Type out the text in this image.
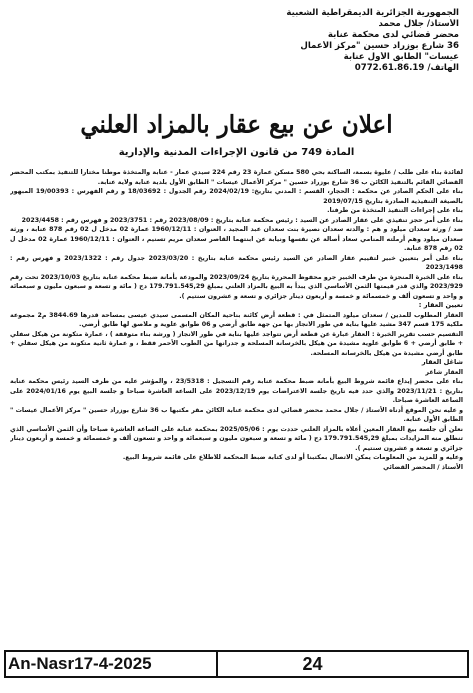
الجمهورية الجزائرية الديمقراطية الشعبية
الأستاذ/ جلال محمد
محضر قضائي لدى محكمة عنابة
36 شارع بوزراد حسين "مركز الأعمال
عيسات" الطابق الأول عنابة
الهاتف/ 0772.61.86.19
اعلان عن بيع عقار بالمزاد العلني
المادة 749 من قانون الإجراءات المدنية والإدارية

لفائدة بناء على طلب / عليوة بسمة، الساكنة بحي 580 مسكن عمارة 23 رقم 224 سيدي عمار - عنابة والمتخذة موطنا مختارا للتنفيذ بمكتب المحضر القضائي القائم بالتنفيذ الكائن ب 36 شارع بوزراد حسين " مركز الأعمال عيسات " الطابق الأول بلدية عنابة ولاية عنابة.

بناء على الحكم الصادر عن محكمة : الحجار، القسم : المدني بتاريخ: 2024/02/19 رقم الجدول : 18/03692 و رقم الفهرس : 19/00393 المبهور بالصيغة التنفيذية الصادرة بتاريخ 2019/07/15

بناء على إجراءات التنفيذ المتخذة من طرفنا.

بناء على أمر حجز تنفيذي على عقار الصادر عن السيد : رئيس محكمة عنابة بتاريخ : 2023/08/09 رقم : 2023/3751 و فهرس رقم : 2023/4458

ضد / ورثة سعدان ميلود و هم : والدته سعدان نصيرة بنت سعدان عبد المجيد ، العنوان : 1960/12/11 عمارة 02 مدخل ل 02 رقم 878 عنابة ، ورثة سعدان ميلود وهم أرملته المنامي سعاد أصالة عن نفسها ونيابة عن ابنتهما القاصر سعدان مريم تسنيم ، العنوان : 1960/12/11 عمارة 02 مدخل ل 02 رقم 878 عنابة.

بناء على أمر بتعيين خبير لتقييم عقار الصادر عن السيد رئيس محكمة عنابة بتاريخ : 2023/03/20 جدول رقم : 2023/1322 و فهرس رقم : 2023/1498

بناء على الخبرة المنجزة من طرف الخبير جرو محفوظ المحررة بتاريخ 2023/09/24 والمودعة بأمانة ضبط محكمة عنابة بتاريخ 2023/10/03 تحت رقم 2023/929 والذي قدر قيمتها الثمن الأساسي الذي يبدأ به البيع بالمزاد العلني بمبلغ 179.791.545,29 دج ( مائة و تسعة و سبعون مليون و سبعمائة و واحد و تسعون ألف و خمسمائة و خمسة و أربعون دينار جزائري و تسعة و عشرون سنتيم ).

تعيين العقار :

العقار المطلوب للمدين / سعدان ميلود المتمثل في : قطعة أرض كائنة بناحية المكان المسمى سيدي عيسى بمساحة قدرها 3844.69 م2 مجموعة ملكية 175 قسم 347 مشيد عليها بناية في طور الانجاز بها من جهة طابق أرضي و 06 طوابق علوية و ملاصق لها طابق أرضي.

التقسيم حسب تقرير الخبرة : العقار عبارة عن قطعة أرض تتواجد عليها بناية في طور الانجاز ( ورشة بناء متوقفة ) ، عمارة متكونة من هيكل سفلي + طابق أرضي + 6 طوابق علوية مشيدة من هيكل بالخرسانة المسلحة و جدرانها من الطوب الأحمر فقط ، و عمارة ثانية متكونة من هيكل سفلي + طابق أرضي مشيدة من هيكل بالخرسانة المسلحة.

شاغل العقار

العقار شاغر

بناء على محضر إيداع قائمة شروط البيع بأمانة ضبط محكمة عنابة رقم التسجيل : 23/5318 ، والمؤشر عليه من طرف السيد رئيس محكمة عنابة بتاريخ : 2023/11/21 والذي حدد فيه تاريخ جلسة الاعتراضات يوم 2023/12/19 على الساعة العاشرة صباحا و جلسة البيع يوم 2024/01/16 على الساعة العاشرة صباحا.

و عليه نحن الموقع أدناه الأستاذ / جلال محمد محضر قضائي لدى محكمة عنابة الكائن مقر مكتبها ب 36 شارع بوزراد حسين " مركز الأعمال عيسات " الطابق الأول عنابة.

نعلن أن جلسة بيع العقار المعين أعلاه بالمزاد العلني حددت يوم : 2025/05/06 بمحكمة عنابة على الساعة العاشرة صباحا وأن الثمن الأساسي الذي تنطلق منه المزايدات بمبلغ 179.791.545,29 دج ( مائة و تسعة و سبعون مليون و سبعمائة و واحد و تسعون ألف و خمسمائة و خمسة و أربعون دينار جزائري و تسعة و عشرون سنتيم ).

وعليه و للمزيد من المعلومات يمكن الاتصال بمكتبنا أو لدى كتابة ضبط المحكمة للاطلاع على قائمة شروط البيع.

الأستاذ / المحضر القضائي

An-Nasr17-4-2025	24
